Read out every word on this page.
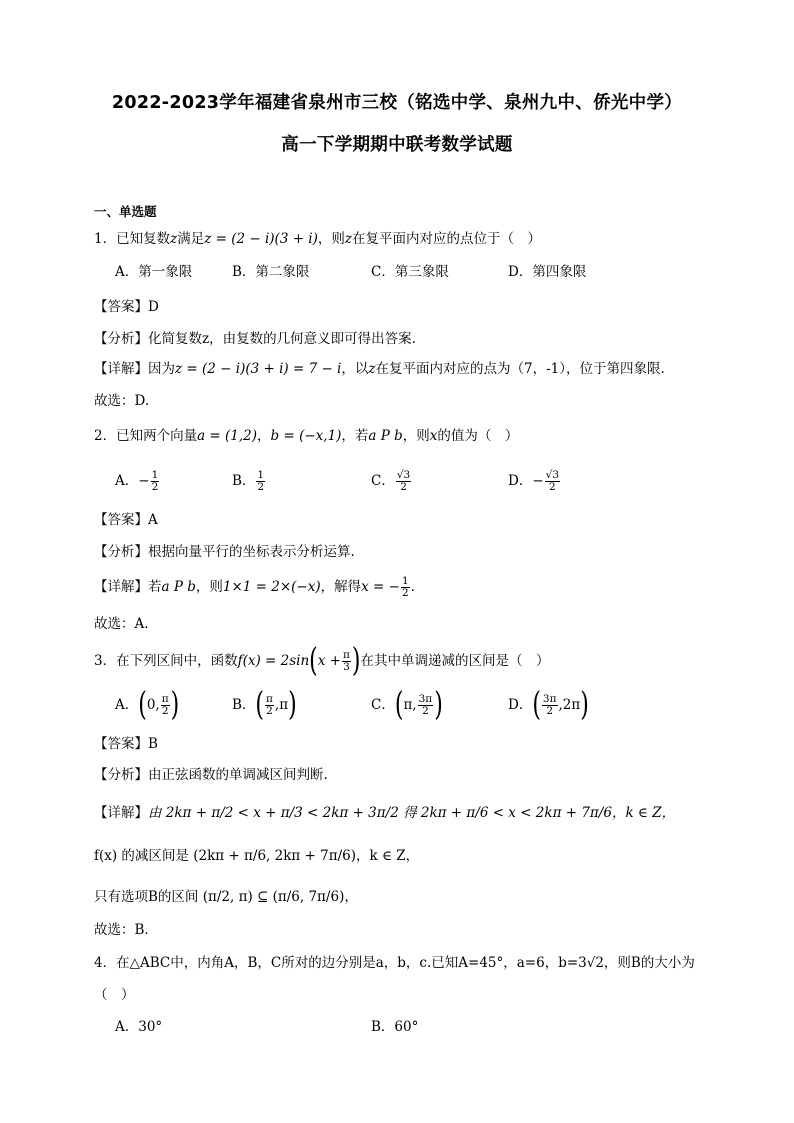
2022-2023学年福建省泉州市三校（铭选中学、泉州九中、侨光中学）
高一下学期期中联考数学试题
一、单选题
1．已知复数z满足z = (2 − i)(3 + i)，则z在复平面内对应的点位于（　）
A．第一象限	B．第二象限	C．第三象限	D．第四象限
【答案】D
【分析】化简复数z，由复数的几何意义即可得出答案.
【详解】因为z = (2 − i)(3 + i) = 7 − i，以z在复平面内对应的点为（7，-1），位于第四象限.
故选：D.
2．已知两个向量a = (1,2)，b = (−x,1)，若a P b，则x的值为（　）
A．− $\frac{1}{2}$	B． $\frac{1}{2}$	C． $\frac{√3}{2}$	D．− $\frac{√3}{2}$
【答案】A
【分析】根据向量平行的坐标表示分析运算.
【详解】若a P b，则1×1 = 2×(−x)，解得x = − $\frac{1}{2}$ .
故选：A.
3．在下列区间中，函数$f(x) = 2\sin(x + \frac{\pi}{3}$ )在其中单调递减的区间是（　）
A．(0, $\frac{\pi}{2}$ )	B．( $\frac{\pi}{2} ,\pi$)	C．(π, $\frac{3\pi}{2}$ )	D．( $\frac{3\pi}{2} ,2\pi$)
【答案】B
【分析】由正弦函数的单调减区间判断.
【详解】由 2kπ + π/2 < x + π/3 < 2kπ + 3π/2 得 2kπ + π/6 < x < 2kπ + 7π/6，k ∈ Z，
f(x) 的减区间是 (2kπ + π/6, 2kπ + 7π/6)，k ∈ Z，
只有选项B的区间 (π/2, π) ⊆ (π/6, 7π/6)，
故选：B．
4．在△ABC中，内角A，B，C所对的边分别是a，b，c.已知A=45°，a=6，b=3√2，则B的大小为
（　）
A．30°	B．60°
